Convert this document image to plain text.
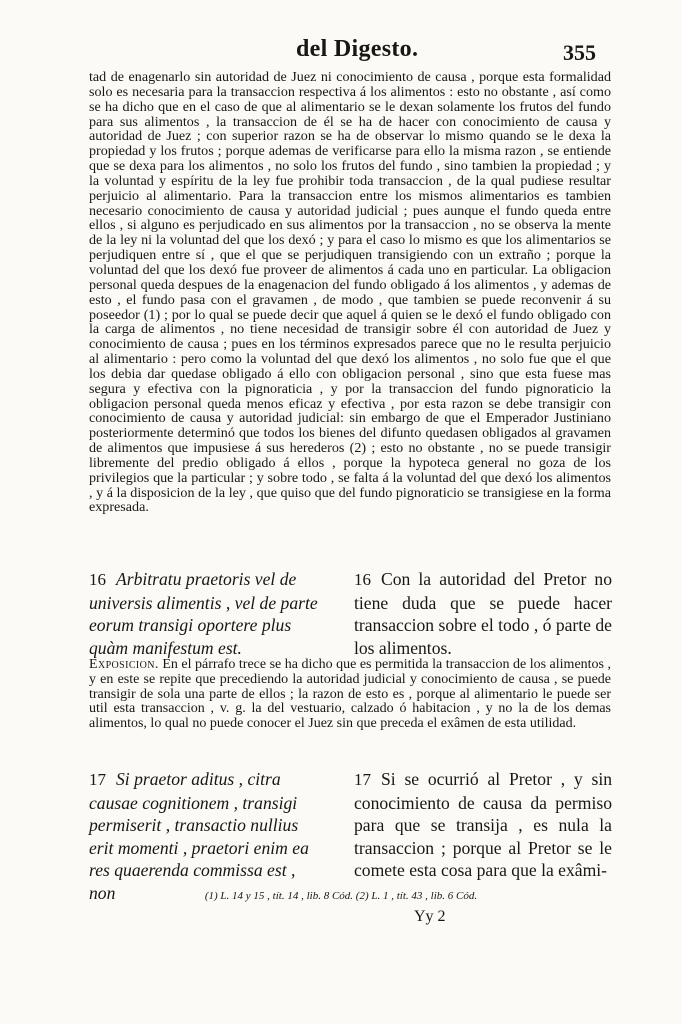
del Digesto.	355

tad de enagenarlo sin autoridad de Juez ni conocimiento de causa , porque esta formalidad solo es necesaria para la transaccion respectiva á los alimentos : esto no obstante , así como se ha dicho que en el caso de que al alimentario se le dexan solamente los frutos del fundo para sus alimentos , la transaccion de él se ha de hacer con conocimiento de causa y autoridad de Juez ; con superior razon se ha de observar lo mismo quando se le dexa la propiedad y los frutos ; porque ademas de verificarse para ello la misma razon , se entiende que se dexa para los alimentos , no solo los frutos del fundo , sino tambien la propiedad ; y la voluntad y espíritu de la ley fue prohibir toda transaccion , de la qual pudiese resultar perjuicio al alimentario. Para la transaccion entre los mismos alimentarios es tambien necesario conocimiento de causa y autoridad judicial ; pues aunque el fundo queda entre ellos , si alguno es perjudicado en sus alimentos por la transaccion , no se observa la mente de la ley ni la voluntad del que los dexó ; y para el caso lo mismo es que los alimentarios se perjudiquen entre sí , que el que se perjudiquen transigiendo con un extraño ; porque la voluntad del que los dexó fue proveer de alimentos á cada uno en particular. La obligacion personal queda despues de la enagenacion del fundo obligado á los alimentos , y ademas de esto , el fundo pasa con el gravamen , de modo , que tambien se puede reconvenir á su poseedor (1) ; por lo qual se puede decir que aquel á quien se le dexó el fundo obligado con la carga de alimentos , no tiene necesidad de transigir sobre él con autoridad de Juez y conocimiento de causa ; pues en los términos expresados parece que no le resulta perjuicio al alimentario : pero como la voluntad del que dexó los alimentos , no solo fue que el que los debia dar quedase obligado á ello con obligacion personal , sino que esta fuese mas segura y efectiva con la pignoraticia , y por la transaccion del fundo pignoraticio la obligacion personal queda menos eficaz y efectiva , por esta razon se debe transigir con conocimiento de causa y autoridad judicial: sin embargo de que el Emperador Justiniano posteriormente determinó que todos los bienes del difunto quedasen obligados al gravamen de alimentos que impusiese á sus herederos (2) ; esto no obstante , no se puede transigir libremente del predio obligado á ellos , porque la hypoteca general no goza de los privilegios que la particular ; y sobre todo , se falta á la voluntad del que dexó los alimentos , y á la disposicion de la ley , que quiso que del fundo pignoraticio se transigiese en la forma expresada.

16 Arbitratu praetoris vel de universis alimentis , vel de parte eorum transigi oportere plus quàm manifestum est.
16 Con la autoridad del Pretor no tiene duda que se puede hacer transaccion sobre el todo , ó parte de los alimentos.
Exposicion. En el párrafo trece se ha dicho que es permitida la transaccion de los alimentos , y en este se repite que precediendo la autoridad judicial y conocimiento de causa , se puede transigir de sola una parte de ellos ; la razon de esto es , porque al alimentario le puede ser util esta transaccion , v. g. la del vestuario, calzado ó habitacion , y no la de los demas alimentos, lo qual no puede conocer el Juez sin que preceda el exâmen de esta utilidad.
17 Si praetor aditus , citra causae cognitionem , transigi permiserit , transactio nullius erit momenti , praetori enim ea res quaerenda commissa est , non
17 Si se ocurrió al Pretor , y sin conocimiento de causa da permiso para que se transija , es nula la transaccion ; porque al Pretor se le comete esta cosa para que la exâmi-
(1) L. 14 y 15 , tít. 14 , lib. 8 Cód. (2) L. 1 , tít. 43 , lib. 6 Cód.
Yy 2
